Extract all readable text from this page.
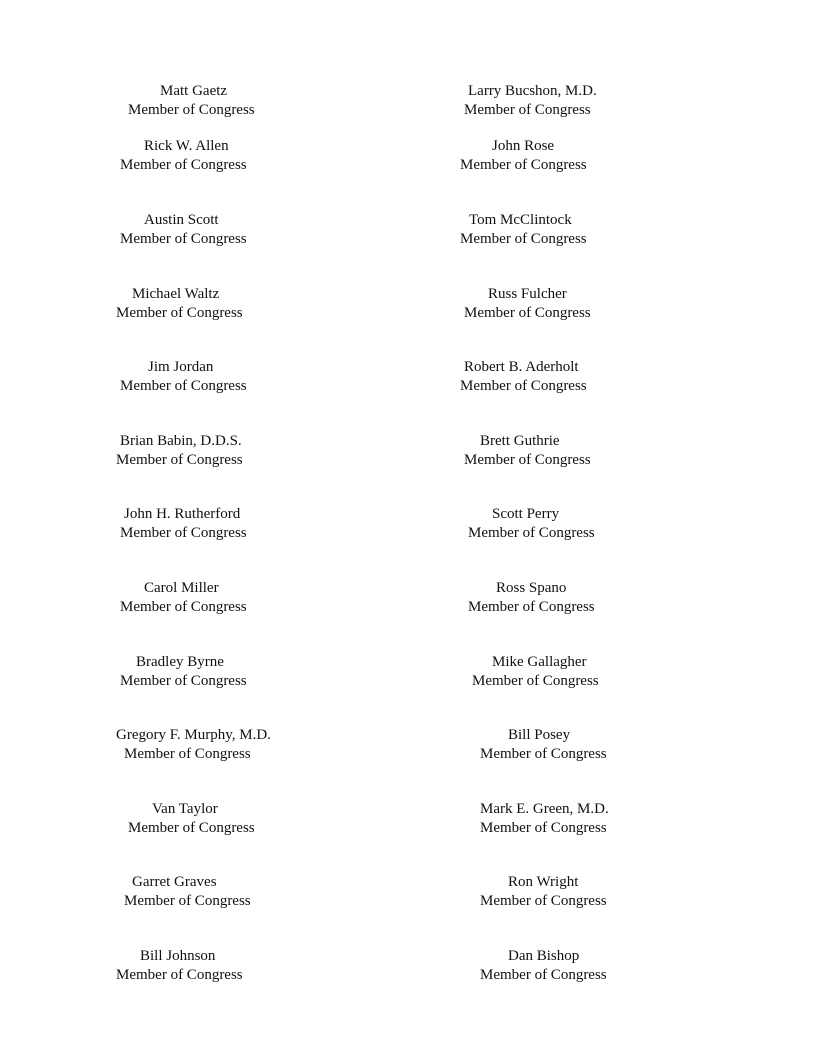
Matt Gaetz
Member of Congress
Rick W. Allen
Member of Congress
Austin Scott
Member of Congress
Michael Waltz
Member of Congress
Jim Jordan
Member of Congress
Brian Babin, D.D.S.
Member of Congress
John H. Rutherford
Member of Congress
Carol Miller
Member of Congress
Bradley Byrne
Member of Congress
Gregory F. Murphy, M.D.
Member of Congress
Van Taylor
Member of Congress
Garret Graves
Member of Congress
Bill Johnson
Member of Congress
Larry Bucshon, M.D.
Member of Congress
John Rose
Member of Congress
Tom McClintock
Member of Congress
Russ Fulcher
Member of Congress
Robert B. Aderholt
Member of Congress
Brett Guthrie
Member of Congress
Scott Perry
Member of Congress
Ross Spano
Member of Congress
Mike Gallagher
Member of Congress
Bill Posey
Member of Congress
Mark E. Green, M.D.
Member of Congress
Ron Wright
Member of Congress
Dan Bishop
Member of Congress
